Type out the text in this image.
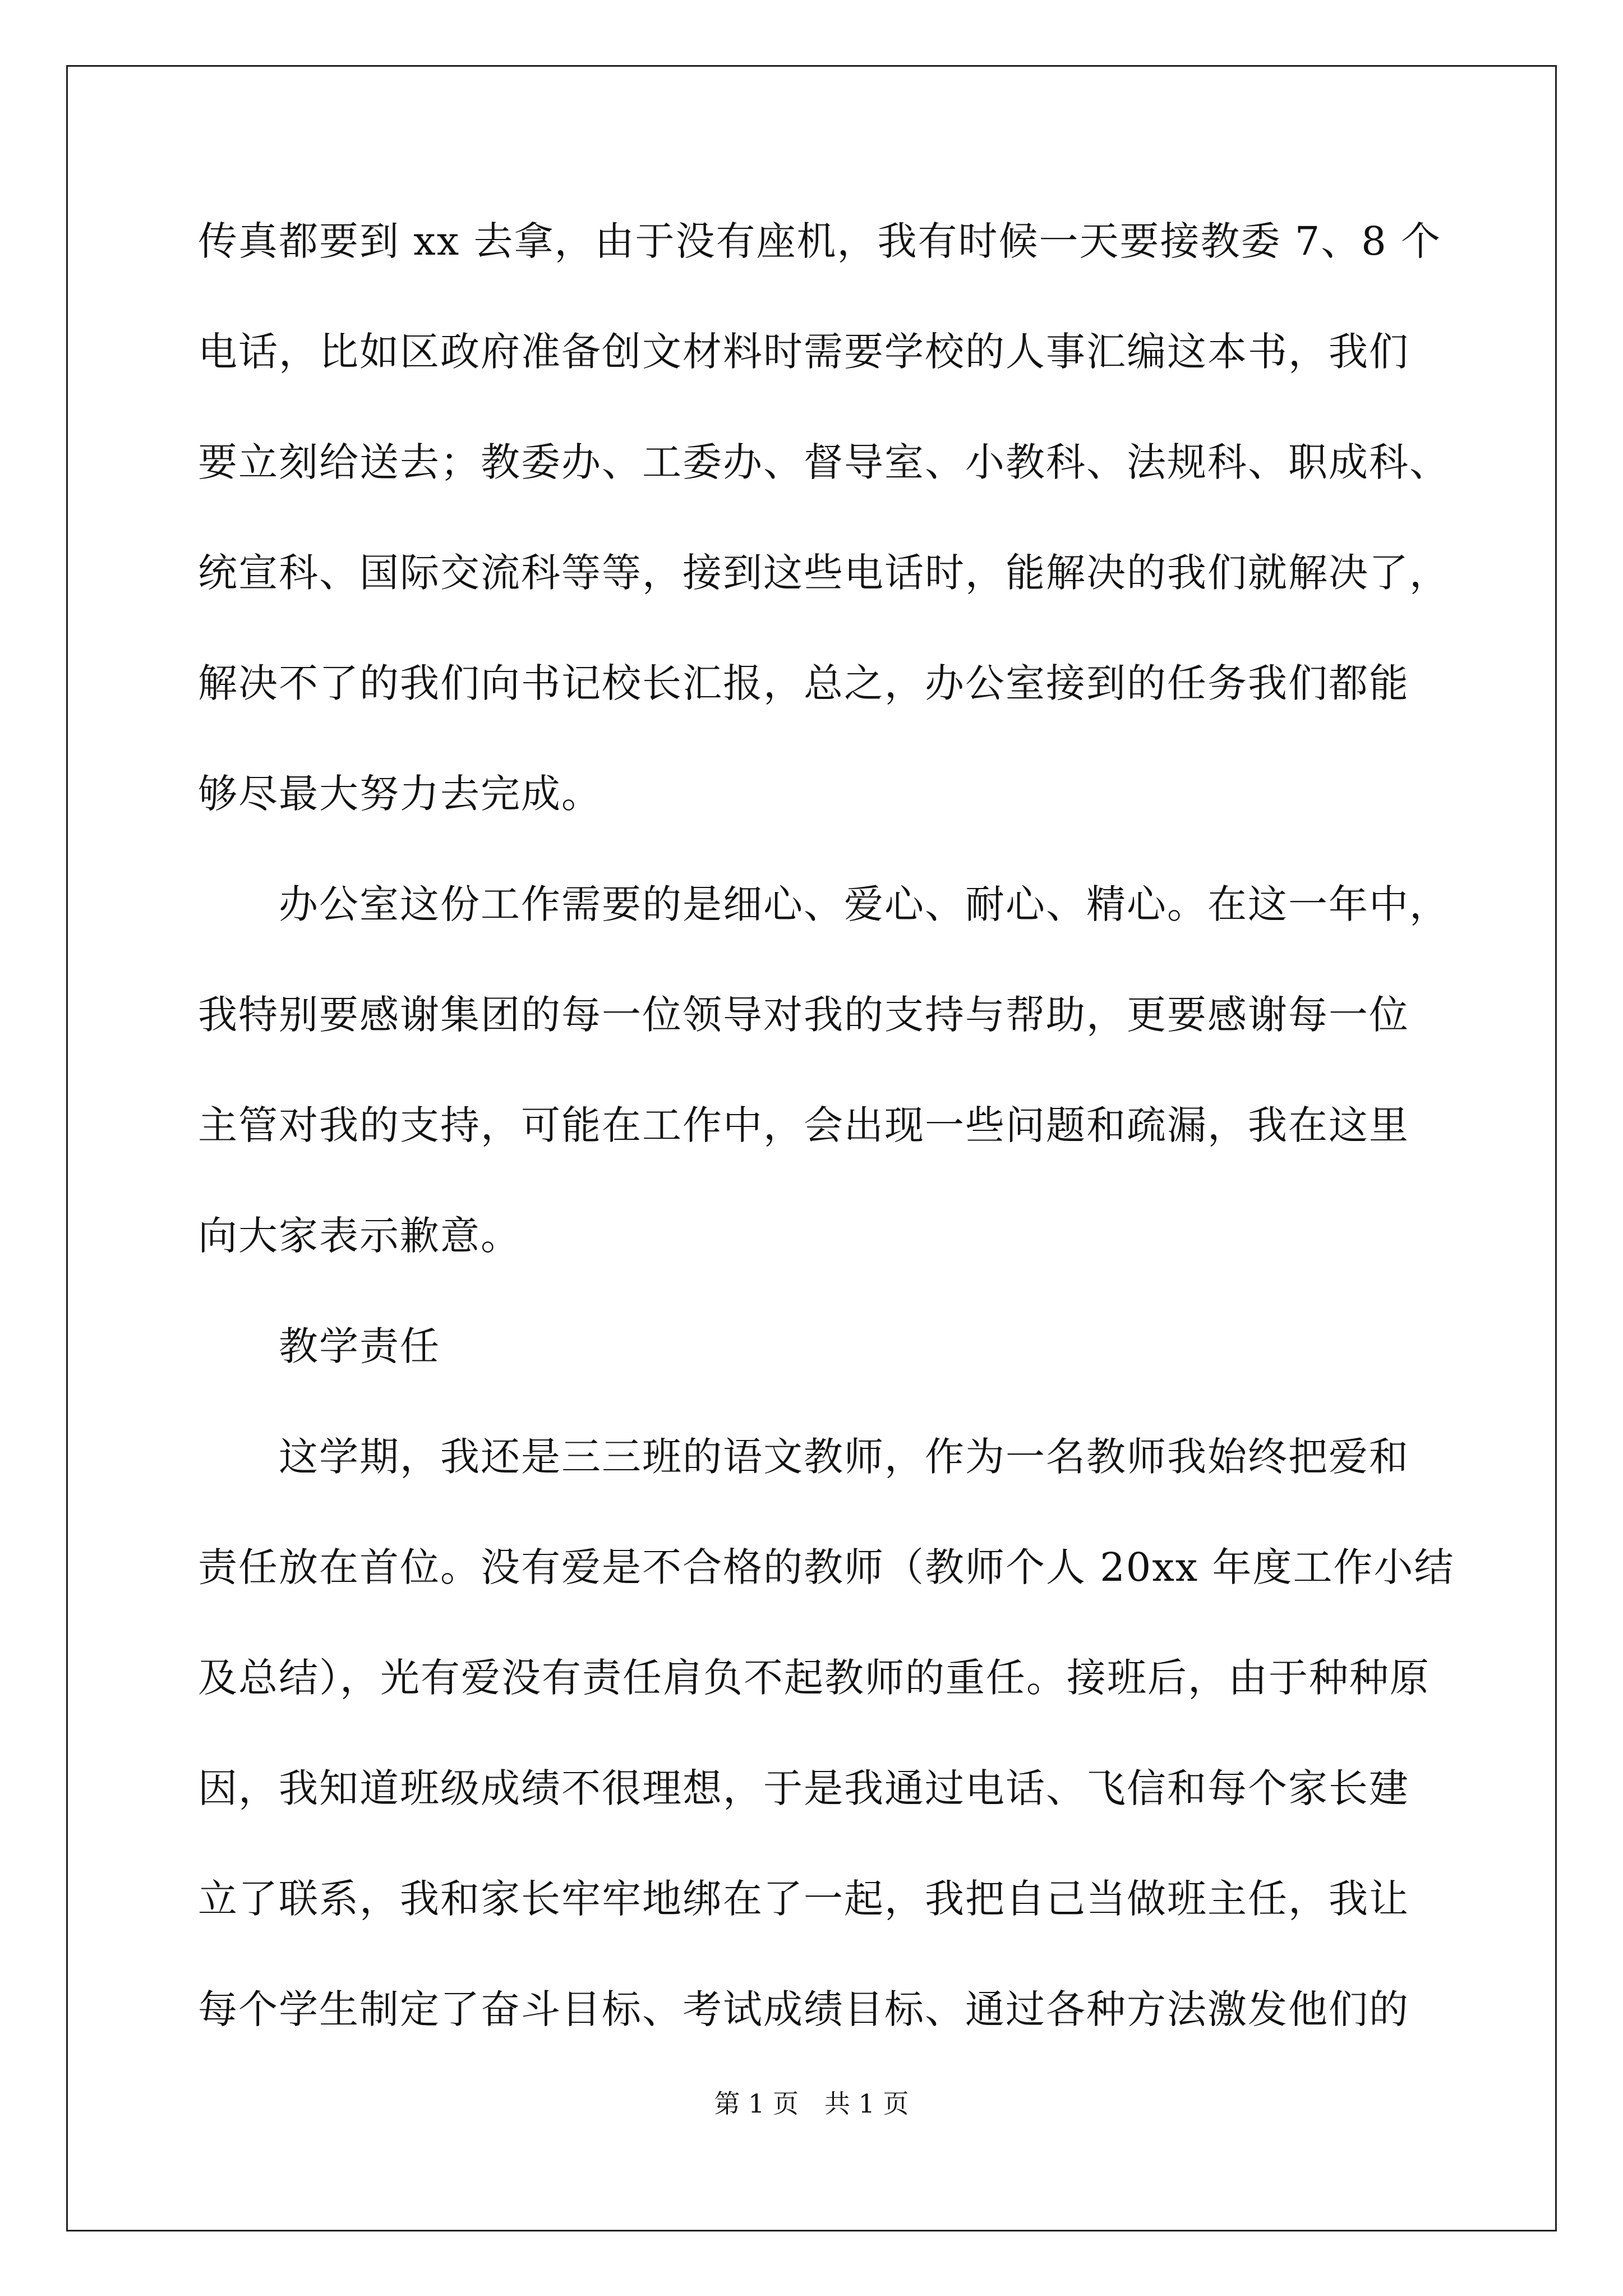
传真都要到 xx 去拿，由于没有座机，我有时候一天要接教委 7、8 个
电话，比如区政府准备创文材料时需要学校的人事汇编这本书，我们
要立刻给送去；教委办、工委办、督导室、小教科、法规科、职成科、
统宣科、国际交流科等等，接到这些电话时，能解决的我们就解决了，
解决不了的我们向书记校长汇报，总之，办公室接到的任务我们都能
够尽最大努力去完成。
　　办公室这份工作需要的是细心、爱心、耐心、精心。在这一年中，
我特别要感谢集团的每一位领导对我的支持与帮助，更要感谢每一位
主管对我的支持，可能在工作中，会出现一些问题和疏漏，我在这里
向大家表示歉意。
　　教学责任
　　这学期，我还是三三班的语文教师，作为一名教师我始终把爱和
责任放在首位。没有爱是不合格的教师（教师个人 20xx 年度工作小结
及总结），光有爱没有责任肩负不起教师的重任。接班后，由于种种原
因，我知道班级成绩不很理想，于是我通过电话、飞信和每个家长建
立了联系，我和家长牢牢地绑在了一起，我把自己当做班主任，我让
每个学生制定了奋斗目标、考试成绩目标、通过各种方法激发他们的
第 1 页　共 1 页
